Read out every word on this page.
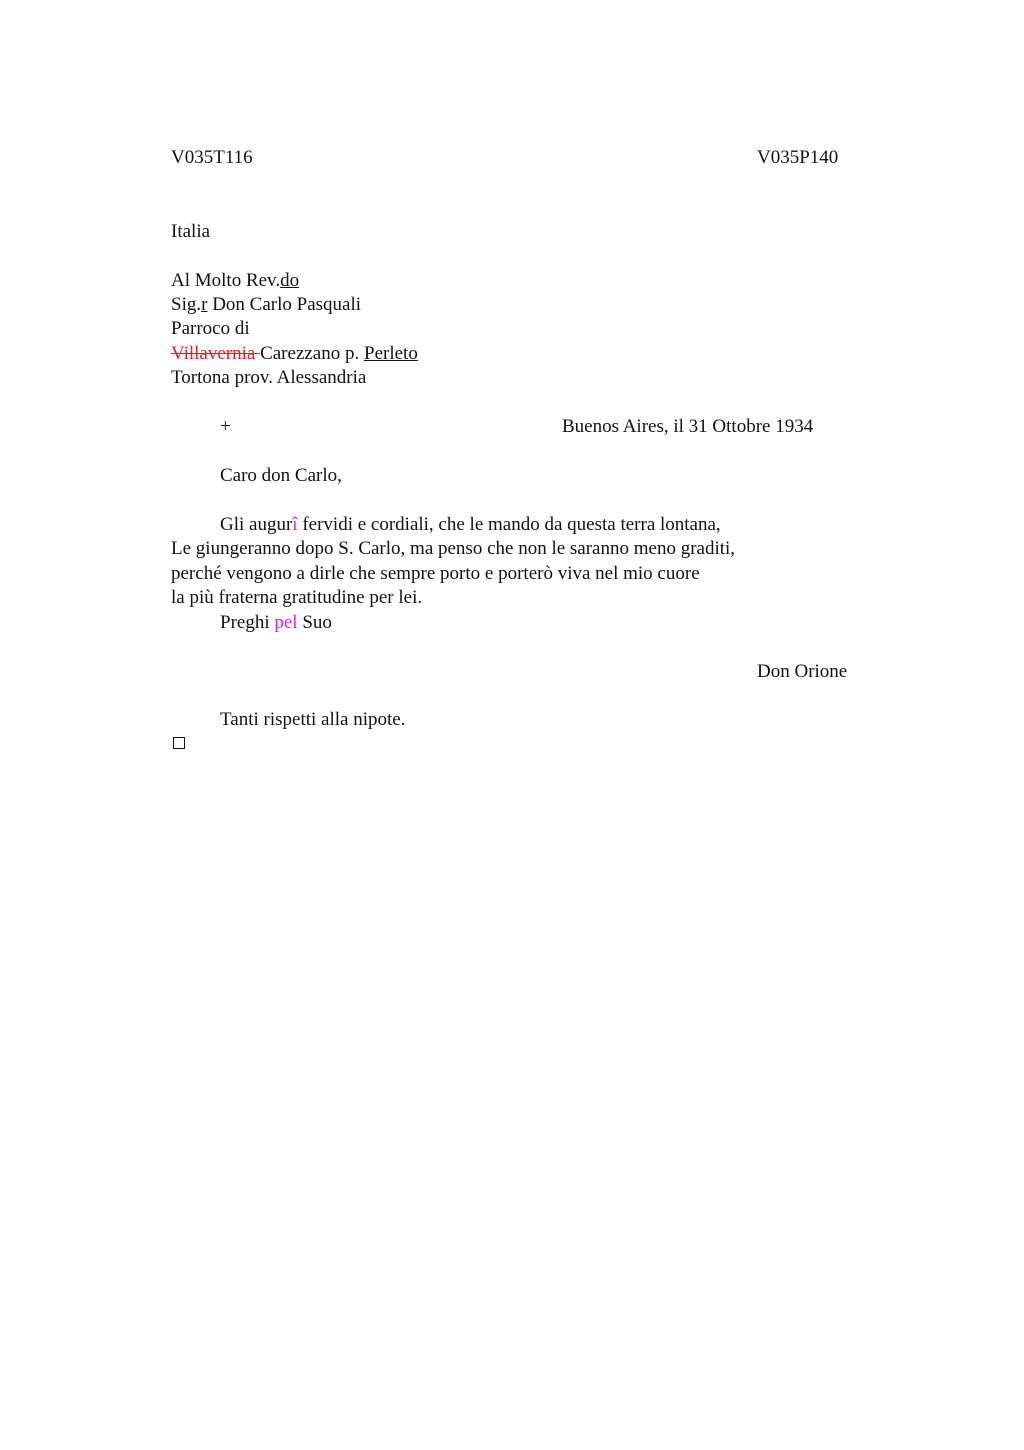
V035T116	V035P140
Italia
Al Molto Rev.do
Sig.r Don Carlo Pasquali
Parroco di
Villavernia Carezzano p. Perleto
Tortona prov. Alessandria
+	Buenos Aires, il 31 Ottobre 1934
Caro don Carlo,
Gli augurî fervidi e cordiali, che le mando da questa terra lontana,
Le giungeranno dopo S. Carlo, ma penso che non le saranno meno graditi,
perché vengono a dirle che sempre porto e porterò viva nel mio cuore
la più fraterna gratitudine per lei.
Preghi pel Suo
Don Orione
Tanti rispetti alla nipote.
